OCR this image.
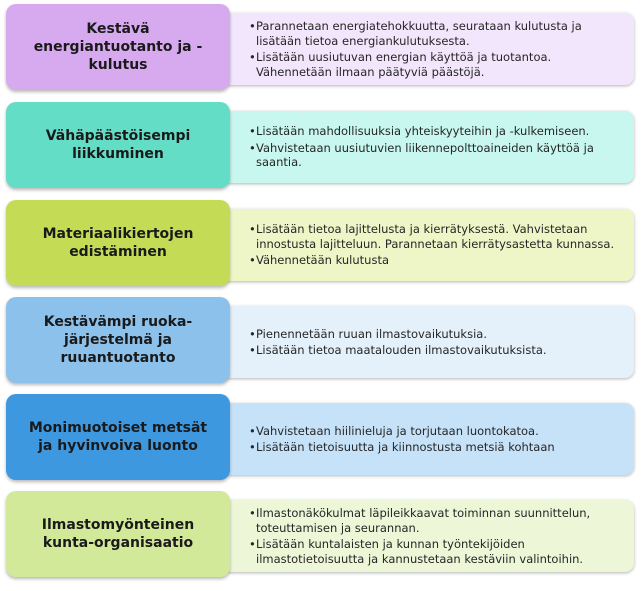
• Parannetaan energiatehokkuutta, seurataan kulutusta ja lisätään tietoa energiankulutuksesta.
• Lisätään uusiutuvan energian käyttöä ja tuotantoa. Vähennetään ilmaan päätyviä päästöjä.
Kestävä energiantuotanto ja -kulutus
• Lisätään mahdollisuuksia yhteiskyyteihin ja -kulkemiseen.
• Vahvistetaan uusiutuvien liikennepolttoaineiden käyttöä ja saantia.
Vähäpäästöisempi liikkuminen
• Lisätään tietoa lajittelusta ja kierrätyksestä. Vahvistetaan innostusta lajitteluun. Parannetaan kierrätysastetta kunnassa.
• Vähennetään kulutusta
Materiaalikiertojen edistäminen
• Pienennetään ruuan ilmastovaikutuksia.
• Lisätään tietoa maatalouden ilmastovaikutuksista.
Kestävämpi ruoka-järjestelmä ja ruuantuotanto
• Vahvistetaan hiilinieluja ja torjutaan luontokatoa.
• Lisätään tietoisuutta ja kiinnostusta metsiä kohtaan
Monimuotoiset metsät ja hyvinvoiva luonto
• Ilmastonäkökulmat läpileikkaavat toiminnan suunnittelun, toteuttamisen ja seurannan.
• Lisätään kuntalaisten ja kunnan työntekijöiden ilmastotietoisuutta ja kannustetaan kestäviin valintoihin.
Ilmastomyönteinen kunta-organisaatio
